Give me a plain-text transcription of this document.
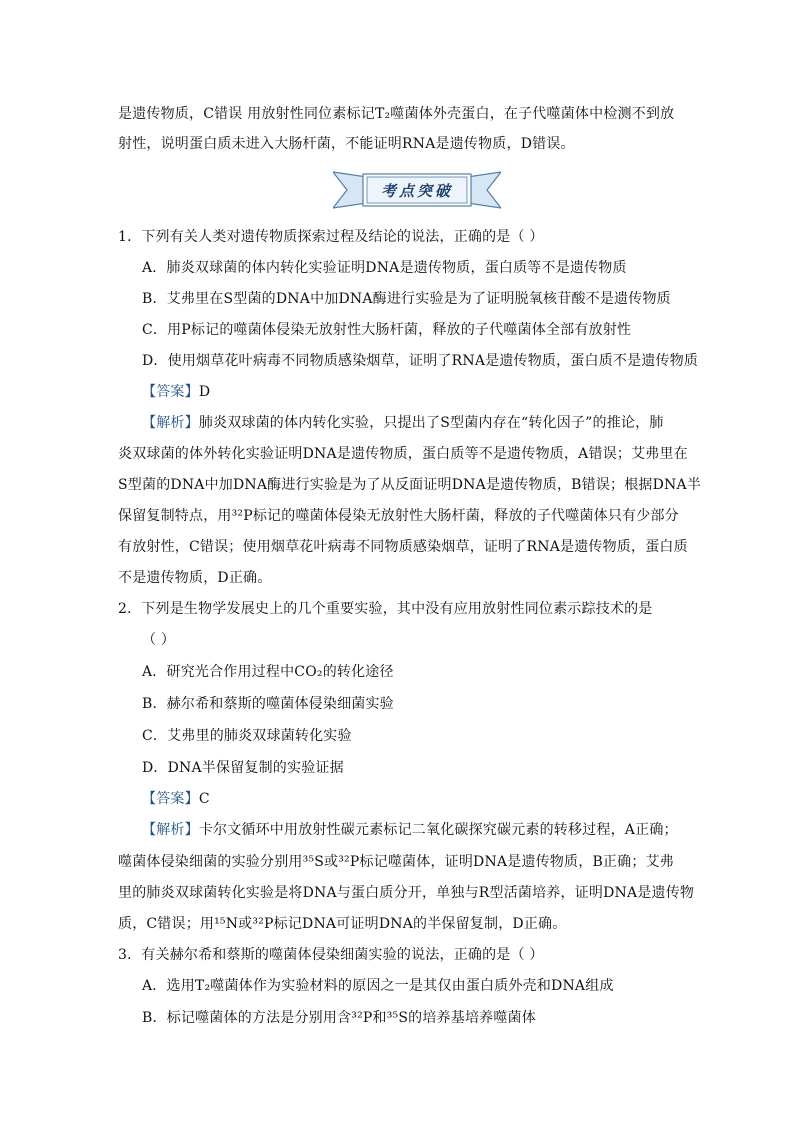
是遗传物质，C错误 用放射性同位素标记T₂噬菌体外壳蛋白，在子代噬菌体中检测不到放
射性，说明蛋白质未进入大肠杆菌，不能证明RNA是遗传物质，D错误。
考点突破
1．下列有关人类对遗传物质探索过程及结论的说法，正确的是（ ）
A．肺炎双球菌的体内转化实验证明DNA是遗传物质，蛋白质等不是遗传物质
B．艾弗里在S型菌的DNA中加DNA酶进行实验是为了证明脱氧核苷酸不是遗传物质
C．用P标记的噬菌体侵染无放射性大肠杆菌，释放的子代噬菌体全部有放射性
D．使用烟草花叶病毒不同物质感染烟草，证明了RNA是遗传物质，蛋白质不是遗传物质
【答案】D
【解析】肺炎双球菌的体内转化实验，只提出了S型菌内存在“转化因子”的推论，肺
炎双球菌的体外转化实验证明DNA是遗传物质，蛋白质等不是遗传物质，A错误；艾弗里在
S型菌的DNA中加DNA酶进行实验是为了从反面证明DNA是遗传物质，B错误；根据DNA半
保留复制特点，用³²P标记的噬菌体侵染无放射性大肠杆菌，释放的子代噬菌体只有少部分
有放射性，C错误；使用烟草花叶病毒不同物质感染烟草，证明了RNA是遗传物质，蛋白质
不是遗传物质，D正确。
2．下列是生物学发展史上的几个重要实验，其中没有应用放射性同位素示踪技术的是
（ ）
A．研究光合作用过程中CO₂的转化途径
B．赫尔希和蔡斯的噬菌体侵染细菌实验
C．艾弗里的肺炎双球菌转化实验
D．DNA半保留复制的实验证据
【答案】C
【解析】卡尔文循环中用放射性碳元素标记二氧化碳探究碳元素的转移过程，A正确；
噬菌体侵染细菌的实验分别用³⁵S或³²P标记噬菌体，证明DNA是遗传物质，B正确；艾弗
里的肺炎双球菌转化实验是将DNA与蛋白质分开，单独与R型活菌培养，证明DNA是遗传物
质，C错误；用¹⁵N或³²P标记DNA可证明DNA的半保留复制，D正确。
3．有关赫尔希和蔡斯的噬菌体侵染细菌实验的说法，正确的是（ ）
A．选用T₂噬菌体作为实验材料的原因之一是其仅由蛋白质外壳和DNA组成
B．标记噬菌体的方法是分别用含³²P和³⁵S的培养基培养噬菌体
